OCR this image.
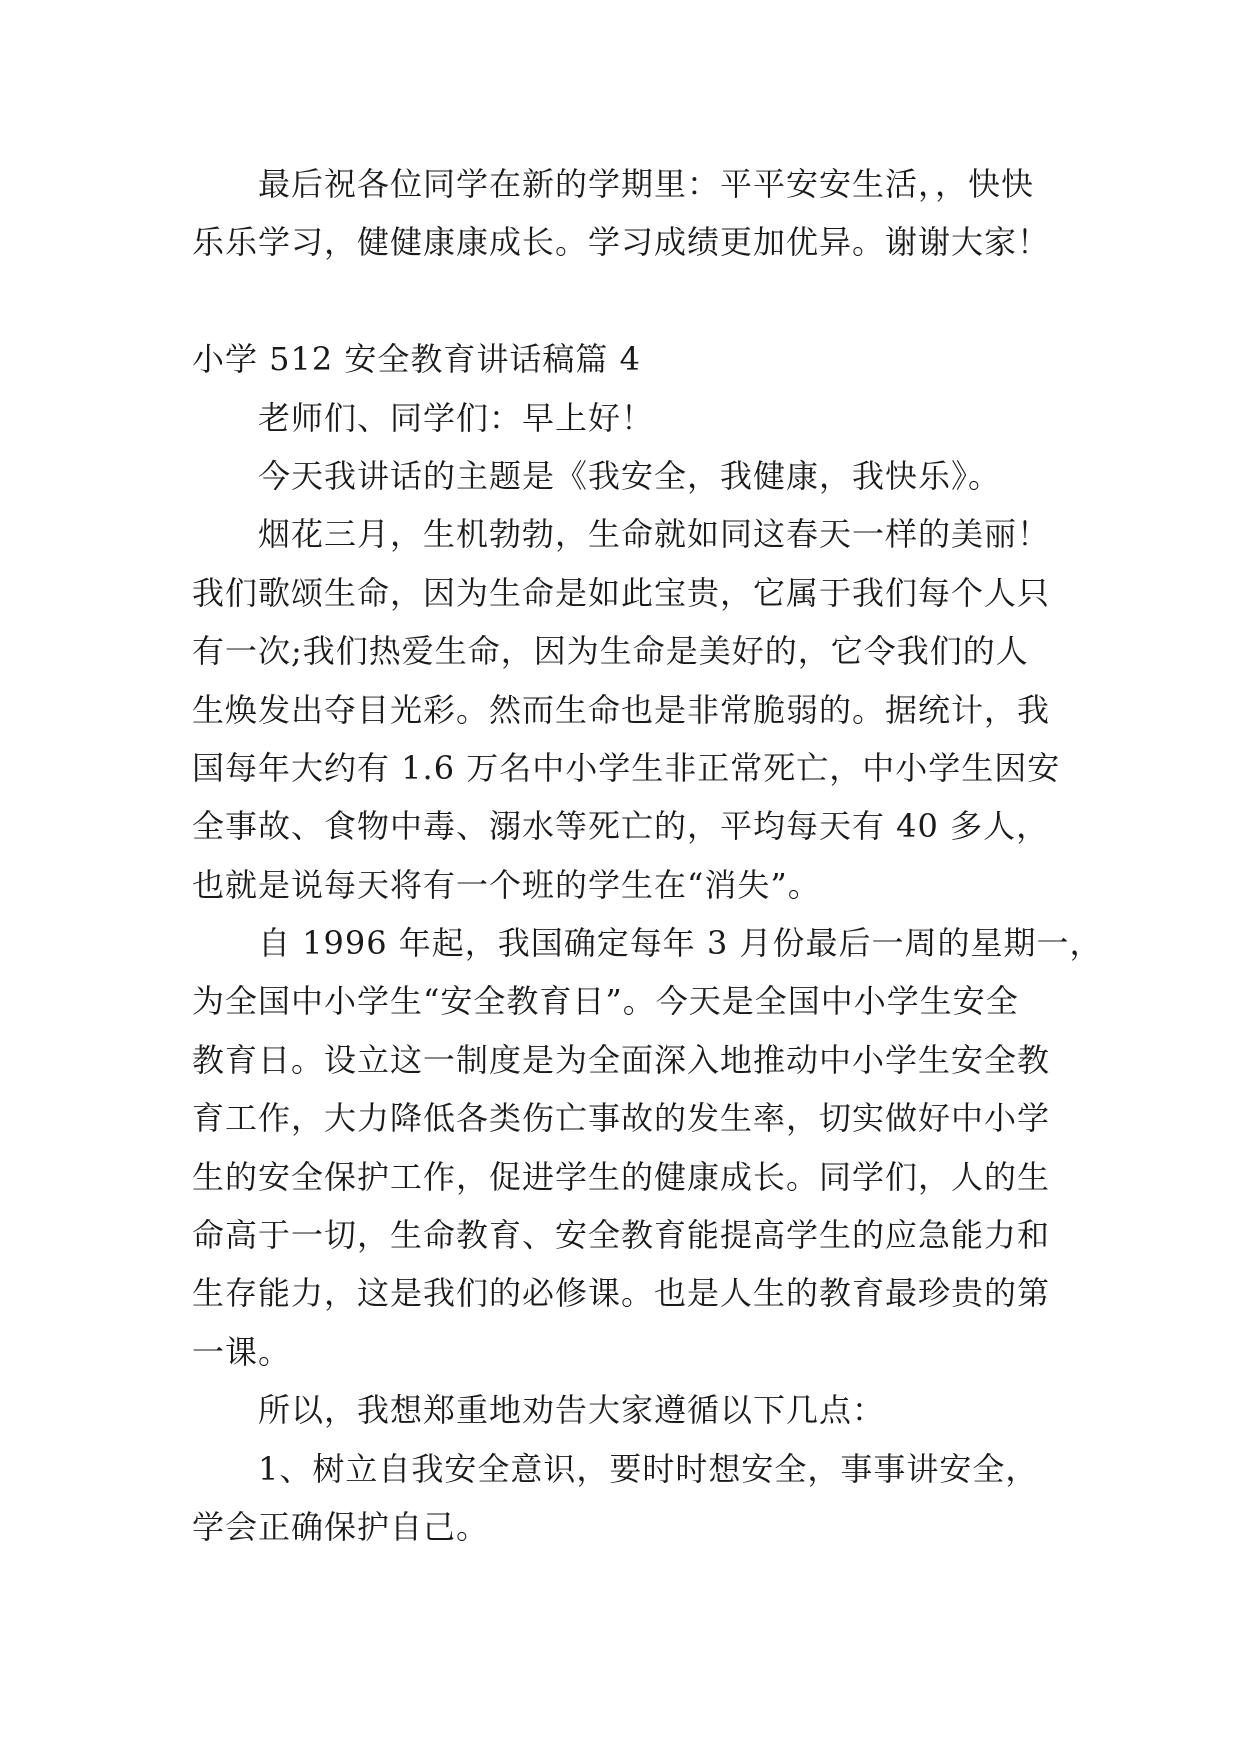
最后祝各位同学在新的学期里：平平安安生活，，快快
乐乐学习，健健康康成长。学习成绩更加优异。谢谢大家！
小学 512 安全教育讲话稿篇 4
老师们、同学们：早上好！
今天我讲话的主题是《我安全，我健康，我快乐》。
烟花三月，生机勃勃，生命就如同这春天一样的美丽！
我们歌颂生命，因为生命是如此宝贵，它属于我们每个人只
有一次;我们热爱生命，因为生命是美好的，它令我们的人
生焕发出夺目光彩。然而生命也是非常脆弱的。据统计，我
国每年大约有 1.6 万名中小学生非正常死亡，中小学生因安
全事故、食物中毒、溺水等死亡的，平均每天有 40 多人，
也就是说每天将有一个班的学生在“消失”。
自 1996 年起，我国确定每年 3 月份最后一周的星期一，
为全国中小学生“安全教育日”。今天是全国中小学生安全
教育日。设立这一制度是为全面深入地推动中小学生安全教
育工作，大力降低各类伤亡事故的发生率，切实做好中小学
生的安全保护工作，促进学生的健康成长。同学们，人的生
命高于一切，生命教育、安全教育能提高学生的应急能力和
生存能力，这是我们的必修课。也是人生的教育最珍贵的第
一课。
所以，我想郑重地劝告大家遵循以下几点：
1、树立自我安全意识，要时时想安全，事事讲安全，
学会正确保护自己。
